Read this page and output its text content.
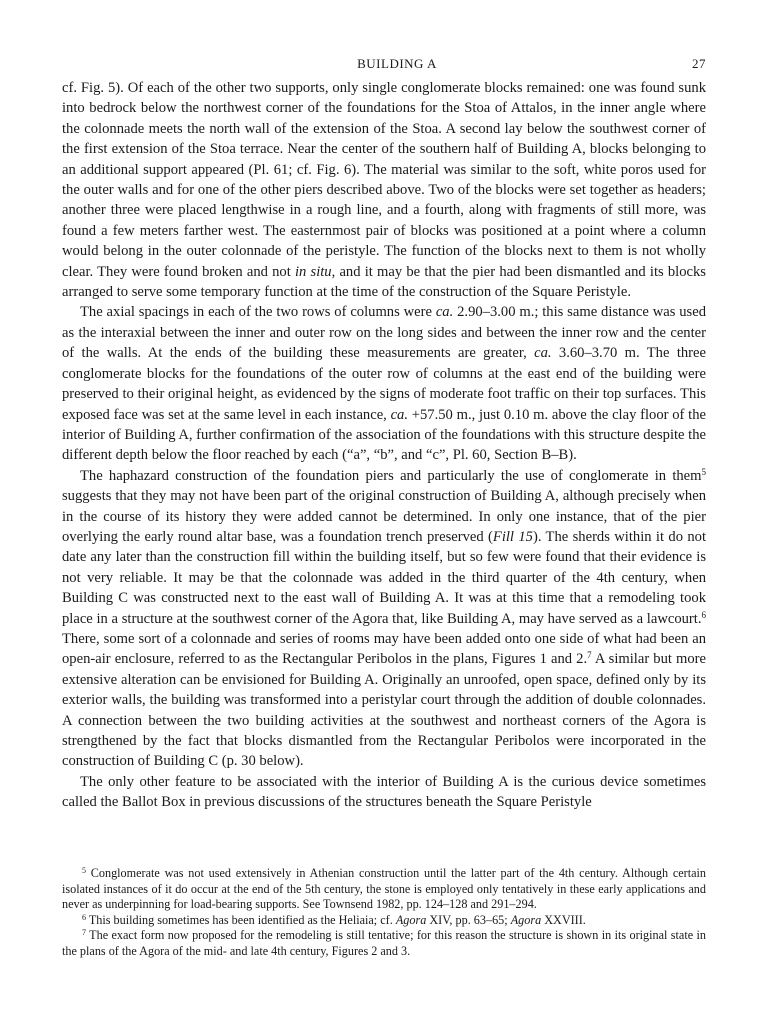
BUILDING A	27

cf. Fig. 5). Of each of the other two supports, only single conglomerate blocks remained: one was found sunk into bedrock below the northwest corner of the foundations for the Stoa of Attalos, in the inner angle where the colonnade meets the north wall of the extension of the Stoa. A second lay below the southwest corner of the first extension of the Stoa terrace. Near the center of the southern half of Building A, blocks belonging to an additional support appeared (Pl. 61; cf. Fig. 6). The material was similar to the soft, white poros used for the outer walls and for one of the other piers described above. Two of the blocks were set together as headers; another three were placed lengthwise in a rough line, and a fourth, along with fragments of still more, was found a few meters farther west. The easternmost pair of blocks was positioned at a point where a column would belong in the outer colonnade of the peristyle. The function of the blocks next to them is not wholly clear. They were found broken and not in situ, and it may be that the pier had been dismantled and its blocks arranged to serve some temporary function at the time of the construction of the Square Peristyle.

The axial spacings in each of the two rows of columns were ca. 2.90–3.00 m.; this same distance was used as the interaxial between the inner and outer row on the long sides and between the inner row and the center of the walls. At the ends of the building these measurements are greater, ca. 3.60–3.70 m. The three conglomerate blocks for the foundations of the outer row of columns at the east end of the building were preserved to their original height, as evidenced by the signs of moderate foot traffic on their top surfaces. This exposed face was set at the same level in each instance, ca. +57.50 m., just 0.10 m. above the clay floor of the interior of Building A, further confirmation of the association of the foundations with this structure despite the different depth below the floor reached by each (“a”, “b”, and “c”, Pl. 60, Section B–B).

The haphazard construction of the foundation piers and particularly the use of conglomerate in them$^5$ suggests that they may not have been part of the original construction of Building A, although precisely when in the course of its history they were added cannot be determined. In only one instance, that of the pier overlying the early round altar base, was a foundation trench preserved (Fill 15). The sherds within it do not date any later than the construction fill within the building itself, but so few were found that their evidence is not very reliable. It may be that the colonnade was added in the third quarter of the 4th century, when Building C was constructed next to the east wall of Building A. It was at this time that a remodeling took place in a structure at the southwest corner of the Agora that, like Building A, may have served as a lawcourt.$^6$ There, some sort of a colonnade and series of rooms may have been added onto one side of what had been an open-air enclosure, referred to as the Rectangular Peribolos in the plans, Figures 1 and 2.$^7$ A similar but more extensive alteration can be envisioned for Building A. Originally an unroofed, open space, defined only by its exterior walls, the building was transformed into a peristylar court through the addition of double colonnades. A connection between the two building activities at the southwest and northeast corners of the Agora is strengthened by the fact that blocks dismantled from the Rectangular Peribolos were incorporated in the construction of Building C (p. 30 below).

The only other feature to be associated with the interior of Building A is the curious device sometimes called the Ballot Box in previous discussions of the structures beneath the Square Peristyle

$^5$ Conglomerate was not used extensively in Athenian construction until the latter part of the 4th century. Although certain isolated instances of it do occur at the end of the 5th century, the stone is employed only tentatively in these early applications and never as underpinning for load-bearing supports. See Townsend 1982, pp. 124–128 and 291–294.

$^6$ This building sometimes has been identified as the Heliaia; cf. Agora XIV, pp. 63–65; Agora XXVIII.

$^7$ The exact form now proposed for the remodeling is still tentative; for this reason the structure is shown in its original state in the plans of the Agora of the mid- and late 4th century, Figures 2 and 3.
